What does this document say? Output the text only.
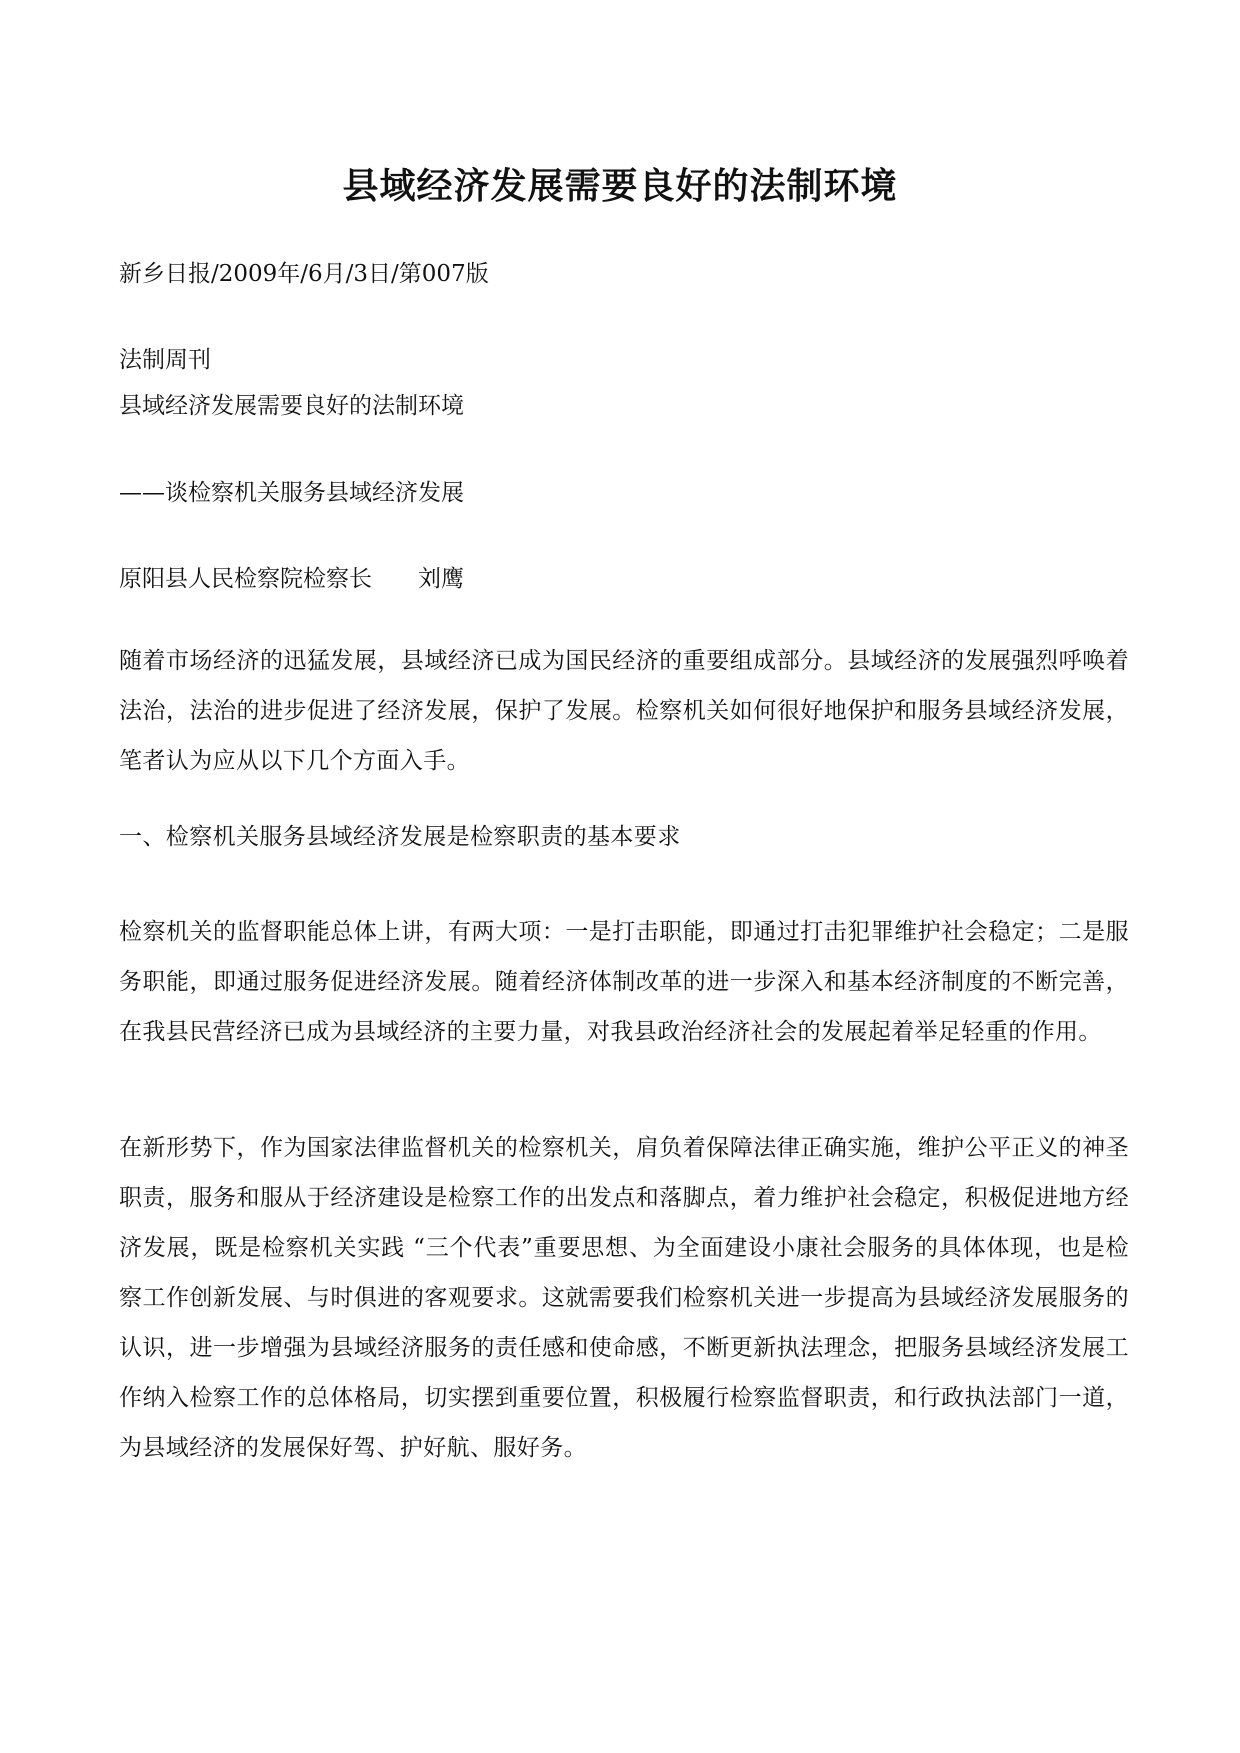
县域经济发展需要良好的法制环境
新乡日报/2009年/6月/3日/第007版
法制周刊
县域经济发展需要良好的法制环境
——谈检察机关服务县域经济发展
原阳县人民检察院检察长 刘鹰
随着市场经济的迅猛发展，县域经济已成为国民经济的重要组成部分。县域经济的发展强烈呼唤着法治，法治的进步促进了经济发展，保护了发展。检察机关如何很好地保护和服务县域经济发展，笔者认为应从以下几个方面入手。
一、检察机关服务县域经济发展是检察职责的基本要求
检察机关的监督职能总体上讲，有两大项：一是打击职能，即通过打击犯罪维护社会稳定；二是服务职能，即通过服务促进经济发展。随着经济体制改革的进一步深入和基本经济制度的不断完善，在我县民营经济已成为县域经济的主要力量，对我县政治经济社会的发展起着举足轻重的作用。
在新形势下，作为国家法律监督机关的检察机关，肩负着保障法律正确实施，维护公平正义的神圣职责，服务和服从于经济建设是检察工作的出发点和落脚点，着力维护社会稳定，积极促进地方经济发展，既是检察机关实践 “三个代表”重要思想、为全面建设小康社会服务的具体体现，也是检察工作创新发展、与时俱进的客观要求。这就需要我们检察机关进一步提高为县域经济发展服务的认识，进一步增强为县域经济服务的责任感和使命感，不断更新执法理念，把服务县域经济发展工作纳入检察工作的总体格局，切实摆到重要位置，积极履行检察监督职责，和行政执法部门一道，为县域经济的发展保好驾、护好航、服好务。
